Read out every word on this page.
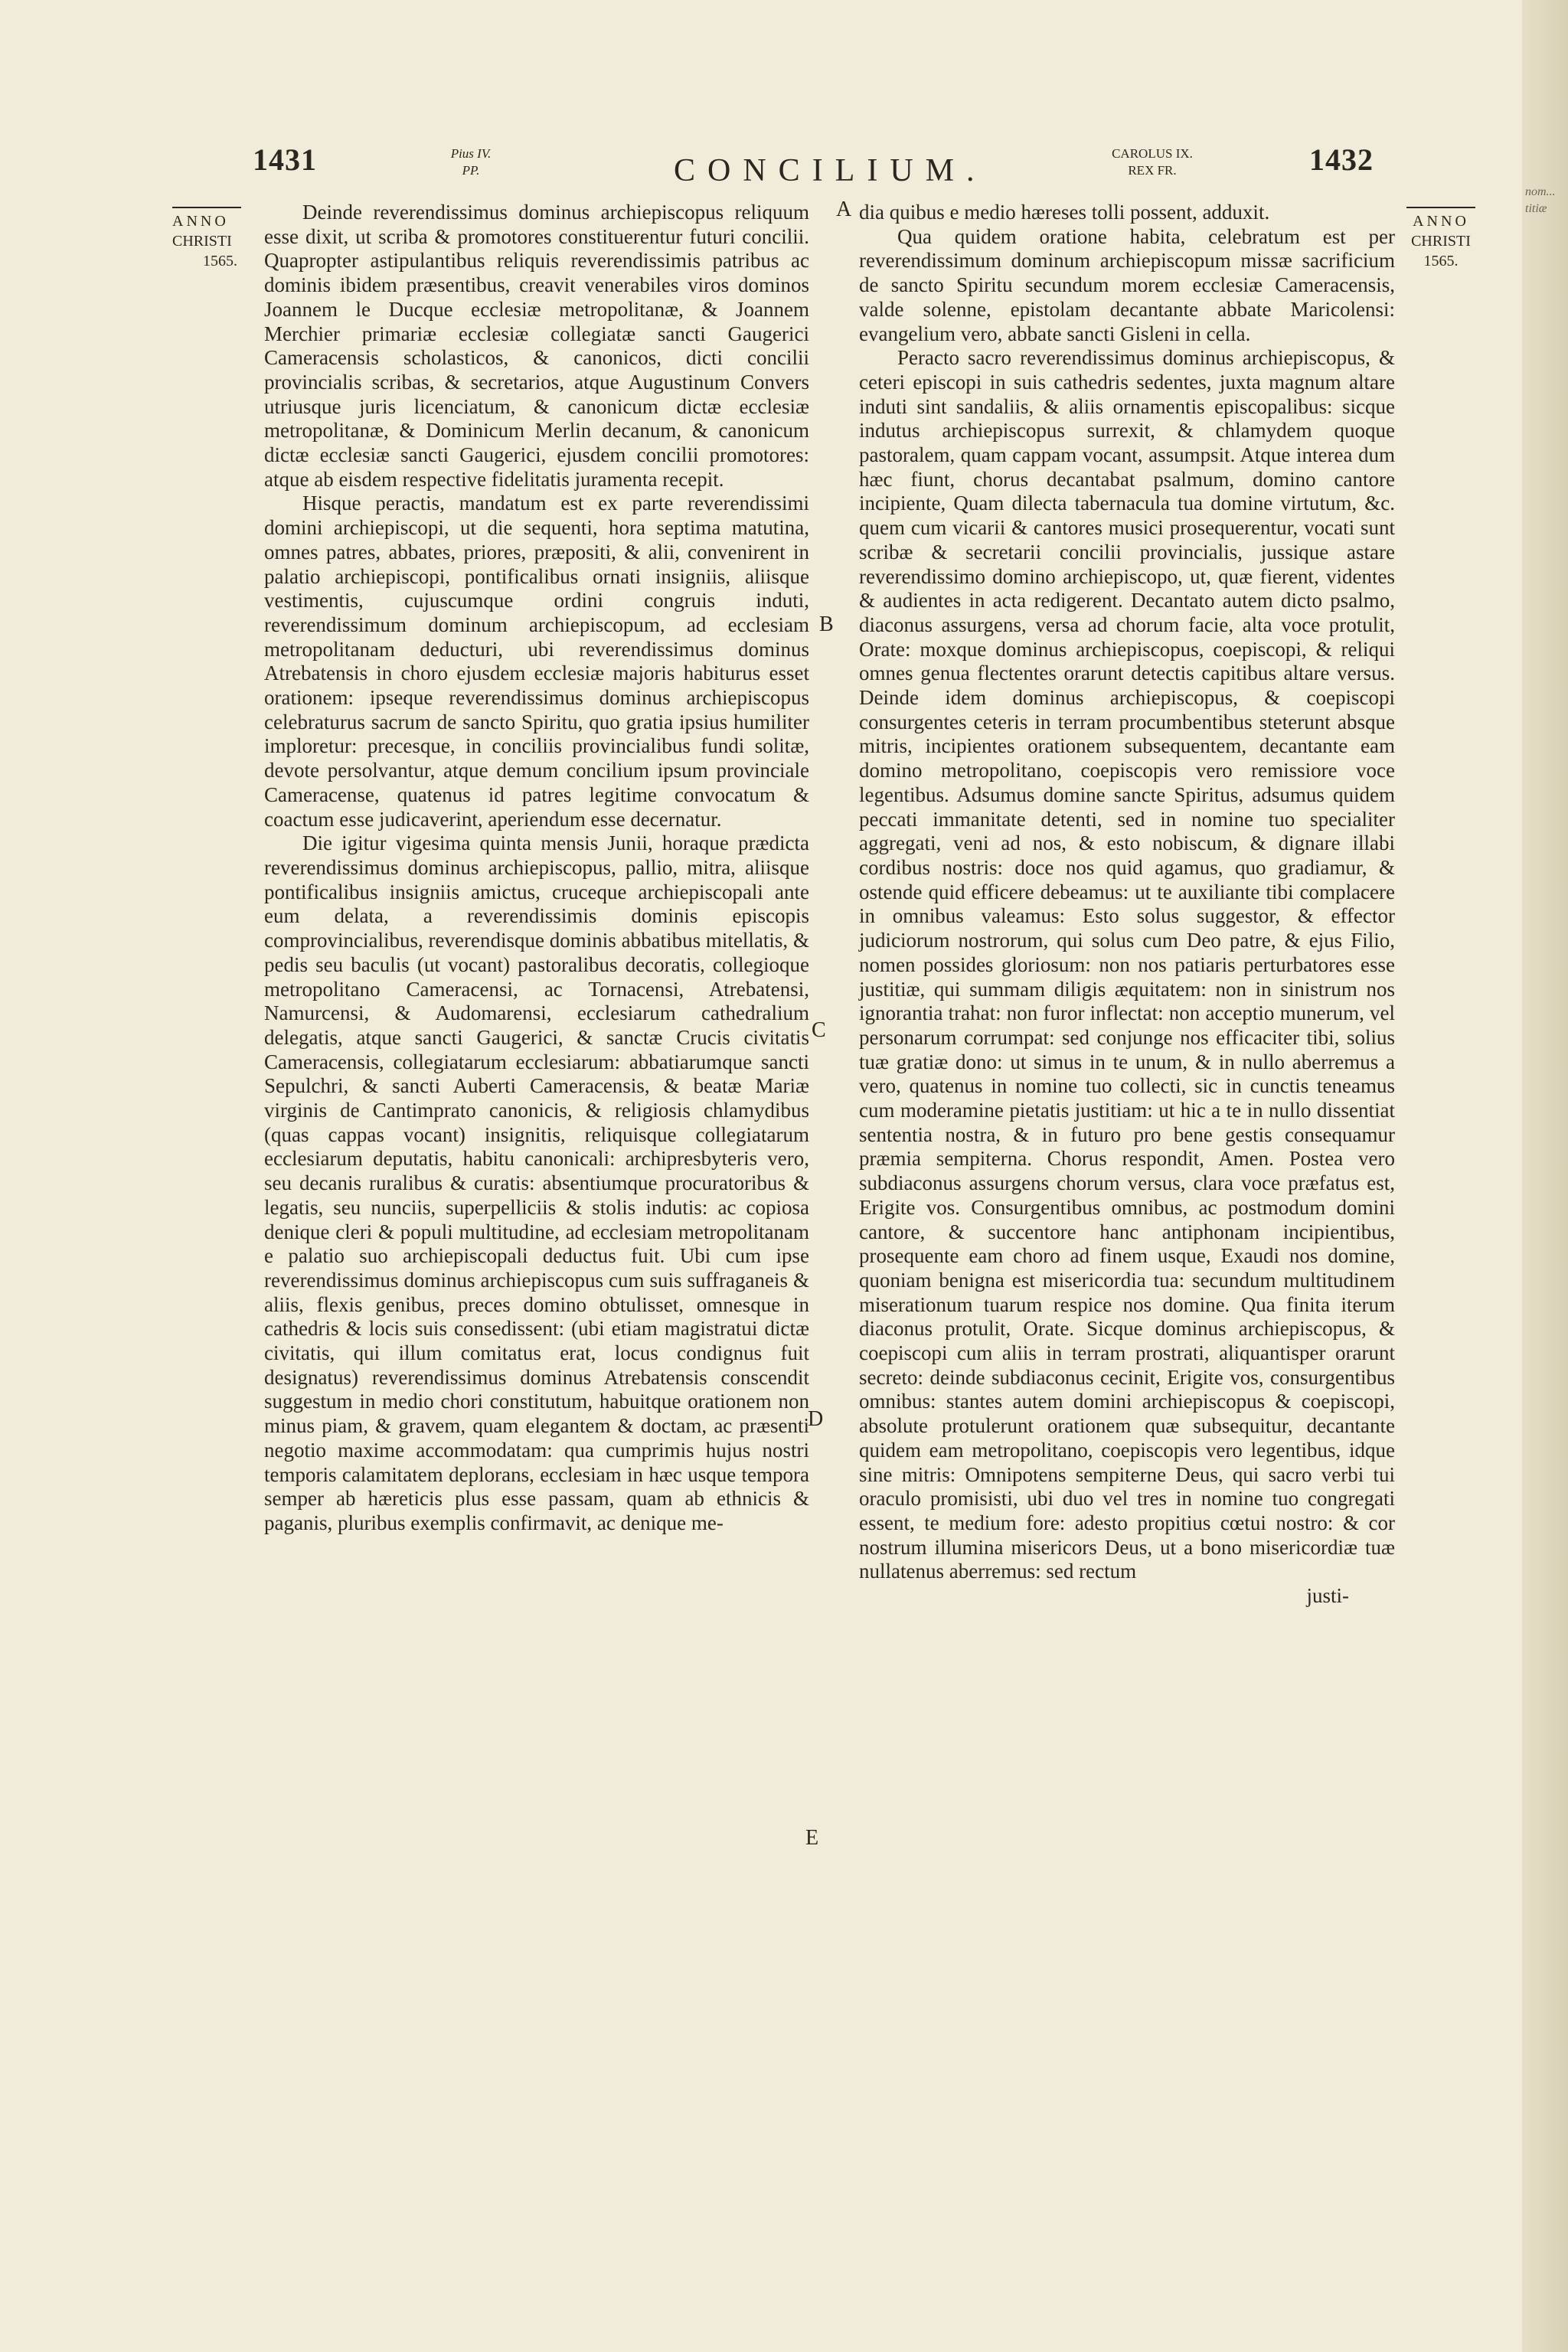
nom... titiæ
1431	Pius IV.
PP.	CONCILIUM.	CAROLUS IX.
REX FR.	1432
ANNO
CHRISTI
1565.
ANNO
CHRISTI
1565.
A
B
C
D
E

Deinde reverendissimus dominus archiepiscopus reliquum esse dixit, ut scriba & promotores constituerentur futuri concilii. Quapropter astipulantibus reliquis reverendissimis patribus ac dominis ibidem præsentibus, creavit venerabiles viros dominos Joannem le Ducque ecclesiæ metropolitanæ, & Joannem Merchier primariæ ecclesiæ collegiatæ sancti Gaugerici Cameracensis scholasticos, & canonicos, dicti concilii provincialis scribas, & secretarios, atque Augustinum Convers utriusque juris licenciatum, & canonicum dictæ ecclesiæ metropolitanæ, & Dominicum Merlin decanum, & canonicum dictæ ecclesiæ sancti Gaugerici, ejusdem concilii promotores: atque ab eisdem respective fidelitatis juramenta recepit.

Hisque peractis, mandatum est ex parte reverendissimi domini archiepiscopi, ut die sequenti, hora septima matutina, omnes patres, abbates, priores, præpositi, & alii, convenirent in palatio archiepiscopi, pontificalibus ornati insigniis, aliisque vestimentis, cujuscumque ordini congruis induti, reverendissimum dominum archiepiscopum, ad ecclesiam metropolitanam deducturi, ubi reverendissimus dominus Atrebatensis in choro ejusdem ecclesiæ majoris habiturus esset orationem: ipseque reverendissimus dominus archiepiscopus celebraturus sacrum de sancto Spiritu, quo gratia ipsius humiliter imploretur: precesque, in conciliis provincialibus fundi solitæ, devote persolvantur, atque demum concilium ipsum provinciale Cameracense, quatenus id patres legitime convocatum & coactum esse judicaverint, aperiendum esse decernatur.

Die igitur vigesima quinta mensis Junii, horaque prædicta reverendissimus dominus archiepiscopus, pallio, mitra, aliisque pontificalibus insigniis amictus, cruceque archiepiscopali ante eum delata, a reverendissimis dominis episcopis comprovincialibus, reverendisque dominis abbatibus mitellatis, & pedis seu baculis (ut vocant) pastoralibus decoratis, collegioque metropolitano Cameracensi, ac Tornacensi, Atrebatensi, Namurcensi, & Audomarensi, ecclesiarum cathedralium delegatis, atque sancti Gaugerici, & sanctæ Crucis civitatis Cameracensis, collegiatarum ecclesiarum: abbatiarumque sancti Sepulchri, & sancti Auberti Cameracensis, & beatæ Mariæ virginis de Cantimprato canonicis, & religiosis chlamydibus (quas cappas vocant) insignitis, reliquisque collegiatarum ecclesiarum deputatis, habitu canonicali: archipresbyteris vero, seu decanis ruralibus & curatis: absentiumque procuratoribus & legatis, seu nunciis, superpelliciis & stolis indutis: ac copiosa denique cleri & populi multitudine, ad ecclesiam metropolitanam e palatio suo archiepiscopali deductus fuit. Ubi cum ipse reverendissimus dominus archiepiscopus cum suis suffraganeis & aliis, flexis genibus, preces domino obtulisset, omnesque in cathedris & locis suis consedissent: (ubi etiam magistratui dictæ civitatis, qui illum comitatus erat, locus condignus fuit designatus) reverendissimus dominus Atrebatensis conscendit suggestum in medio chori constitutum, habuitque orationem non minus piam, & gravem, quam elegantem & doctam, ac præsenti negotio maxime accommodatam: qua cumprimis hujus nostri temporis calamitatem deplorans, ecclesiam in hæc usque tempora semper ab hæreticis plus esse passam, quam ab ethnicis & paganis, pluribus exemplis confirmavit, ac denique me-

dia quibus e medio hæreses tolli possent, adduxit.

Qua quidem oratione habita, celebratum est per reverendissimum dominum archiepiscopum missæ sacrificium de sancto Spiritu secundum morem ecclesiæ Cameracensis, valde solenne, epistolam decantante abbate Maricolensi: evangelium vero, abbate sancti Gisleni in cella.

Peracto sacro reverendissimus dominus archiepiscopus, & ceteri episcopi in suis cathedris sedentes, juxta magnum altare induti sint sandaliis, & aliis ornamentis episcopalibus: sicque indutus archiepiscopus surrexit, & chlamydem quoque pastoralem, quam cappam vocant, assumpsit. Atque interea dum hæc fiunt, chorus decantabat psalmum, domino cantore incipiente, Quam dilecta tabernacula tua domine virtutum, &c. quem cum vicarii & cantores musici prosequerentur, vocati sunt scribæ & secretarii concilii provincialis, jussique astare reverendissimo domino archiepiscopo, ut, quæ fierent, videntes & audientes in acta redigerent. Decantato autem dicto psalmo, diaconus assurgens, versa ad chorum facie, alta voce protulit, Orate: moxque dominus archiepiscopus, coepiscopi, & reliqui omnes genua flectentes orarunt detectis capitibus altare versus. Deinde idem dominus archiepiscopus, & coepiscopi consurgentes ceteris in terram procumbentibus steterunt absque mitris, incipientes orationem subsequentem, decantante eam domino metropolitano, coepiscopis vero remissiore voce legentibus. Adsumus domine sancte Spiritus, adsumus quidem peccati immanitate detenti, sed in nomine tuo specialiter aggregati, veni ad nos, & esto nobiscum, & dignare illabi cordibus nostris: doce nos quid agamus, quo gradiamur, & ostende quid efficere debeamus: ut te auxiliante tibi complacere in omnibus valeamus: Esto solus suggestor, & effector judiciorum nostrorum, qui solus cum Deo patre, & ejus Filio, nomen possides gloriosum: non nos patiaris perturbatores esse justitiæ, qui summam diligis æquitatem: non in sinistrum nos ignorantia trahat: non furor inflectat: non acceptio munerum, vel personarum corrumpat: sed conjunge nos efficaciter tibi, solius tuæ gratiæ dono: ut simus in te unum, & in nullo aberremus a vero, quatenus in nomine tuo collecti, sic in cunctis teneamus cum moderamine pietatis justitiam: ut hic a te in nullo dissentiat sententia nostra, & in futuro pro bene gestis consequamur præmia sempiterna. Chorus respondit, Amen. Postea vero subdiaconus assurgens chorum versus, clara voce præfatus est, Erigite vos. Consurgentibus omnibus, ac postmodum domini cantore, & succentore hanc antiphonam incipientibus, prosequente eam choro ad finem usque, Exaudi nos domine, quoniam benigna est misericordia tua: secundum multitudinem miserationum tuarum respice nos domine. Qua finita iterum diaconus protulit, Orate. Sicque dominus archiepiscopus, & coepiscopi cum aliis in terram prostrati, aliquantisper orarunt secreto: deinde subdiaconus cecinit, Erigite vos, consurgentibus omnibus: stantes autem domini archiepiscopus & coepiscopi, absolute protulerunt orationem quæ subsequitur, decantante quidem eam metropolitano, coepiscopis vero legentibus, idque sine mitris: Omnipotens sempiterne Deus, qui sacro verbi tui oraculo promisisti, ubi duo vel tres in nomine tuo congregati essent, te medium fore: adesto propitius cœtui nostro: & cor nostrum illumina misericors Deus, ut a bono misericordiæ tuæ nullatenus aberremus: sed rectum

justi-
